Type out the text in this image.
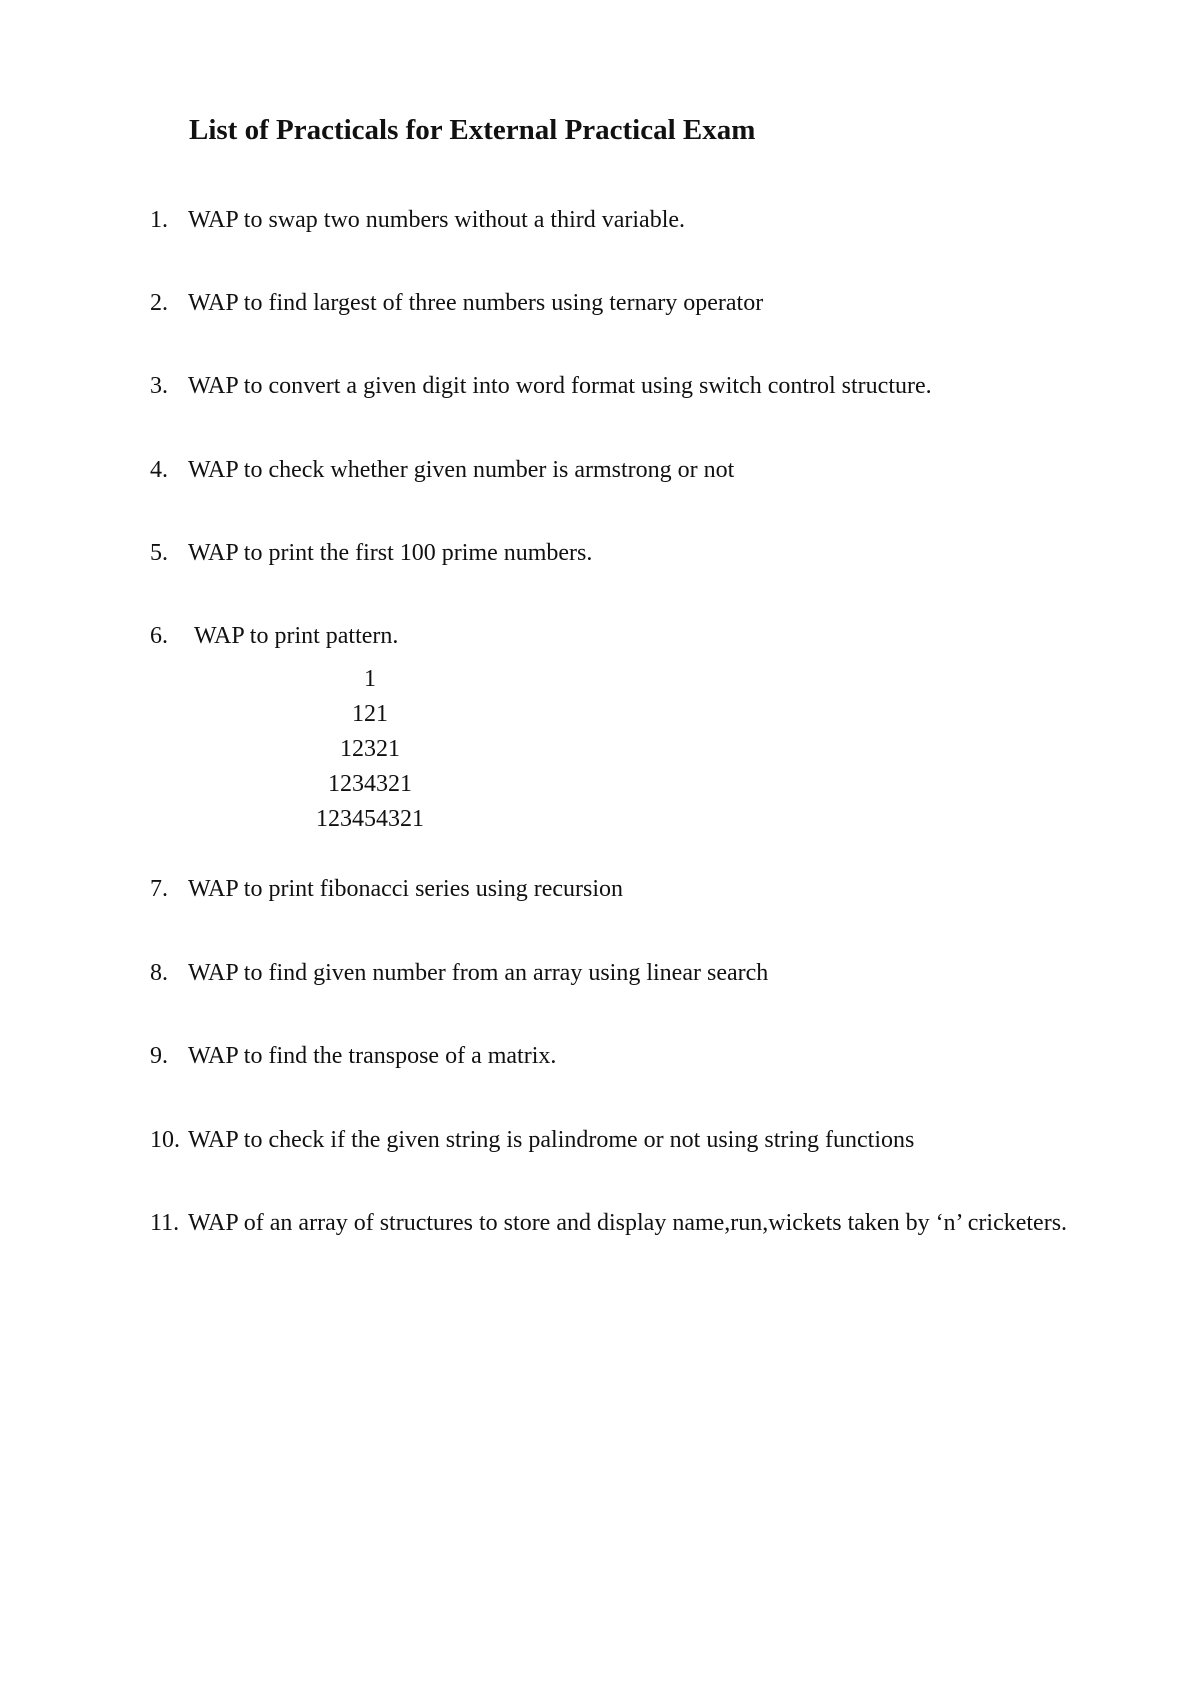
List of Practicals for External Practical Exam
1. WAP to swap two numbers without a third variable.
2. WAP to find largest of three numbers using ternary operator
3. WAP to convert a given digit into word format using switch control structure.
4. WAP to check whether given number is armstrong or not
5. WAP to print the first 100 prime numbers.
6. WAP to print pattern.
1
121
12321
1234321
123454321
7. WAP to print fibonacci series using recursion
8. WAP to find given number from an array using linear search
9. WAP to find the transpose of a matrix.
10. WAP to check if the given string is palindrome or not using string functions
11. WAP of an array of structures to store and display name,run,wickets taken by ‘n’ cricketers.
